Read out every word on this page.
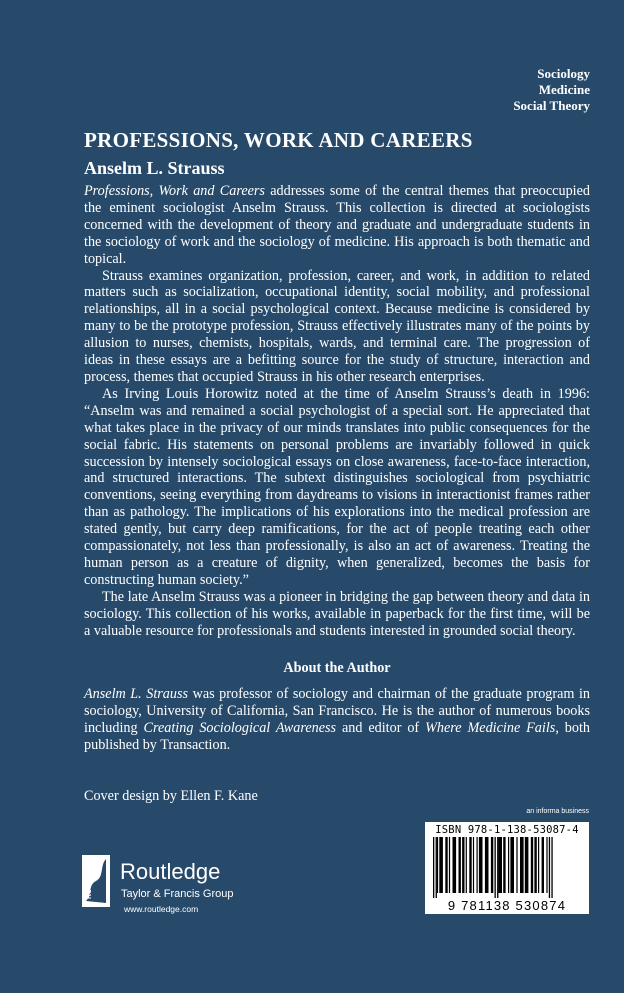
Sociology
Medicine
Social Theory
PROFESSIONS, WORK AND CAREERS
Anselm L. Strauss

Professions, Work and Careers addresses some of the central themes that preoccupied the eminent sociologist Anselm Strauss. This collection is directed at sociologists concerned with the development of theory and graduate and undergraduate students in the sociology of work and the sociology of medicine. His approach is both thematic and topical.

Strauss examines organization, profession, career, and work, in addition to related matters such as socialization, occupational identity, social mobility, and professional relationships, all in a social psychological context. Because medicine is considered by many to be the prototype profession, Strauss effectively illustrates many of the points by allusion to nurses, chemists, hospitals, wards, and terminal care. The progression of ideas in these essays are a befitting source for the study of structure, interaction and process, themes that occupied Strauss in his other research enterprises.

As Irving Louis Horowitz noted at the time of Anselm Strauss’s death in 1996: “Anselm was and remained a social psychologist of a special sort. He appreciated that what takes place in the privacy of our minds translates into public consequences for the social fabric. His statements on personal problems are invariably followed in quick succession by intensely sociological essays on close awareness, face-to-face interaction, and structured interactions. The subtext distinguishes sociological from psychiatric conventions, seeing everything from daydreams to visions in interactionist frames rather than as pathology. The implications of his explorations into the medical profession are stated gently, but carry deep ramifications, for the act of people treating each other compassionately, not less than professionally, is also an act of awareness. Treating the human person as a creature of dignity, when generalized, becomes the basis for constructing human society.”

The late Anselm Strauss was a pioneer in bridging the gap between theory and data in sociology. This collection of his works, available in paperback for the first time, will be a valuable resource for professionals and students interested in grounded social theory.

About the Author

Anselm L. Strauss was professor of sociology and chairman of the graduate program in sociology, University of California, San Francisco. He is the author of numerous books including Creating Sociological Awareness and editor of Where Medicine Fails, both published by Transaction.

Cover design by Ellen F. Kane
an informa business
ISBN 978-1-138-53087-4
9 781138 530874
ROUTLEDGE Routledge
Taylor & Francis Group
www.routledge.com
